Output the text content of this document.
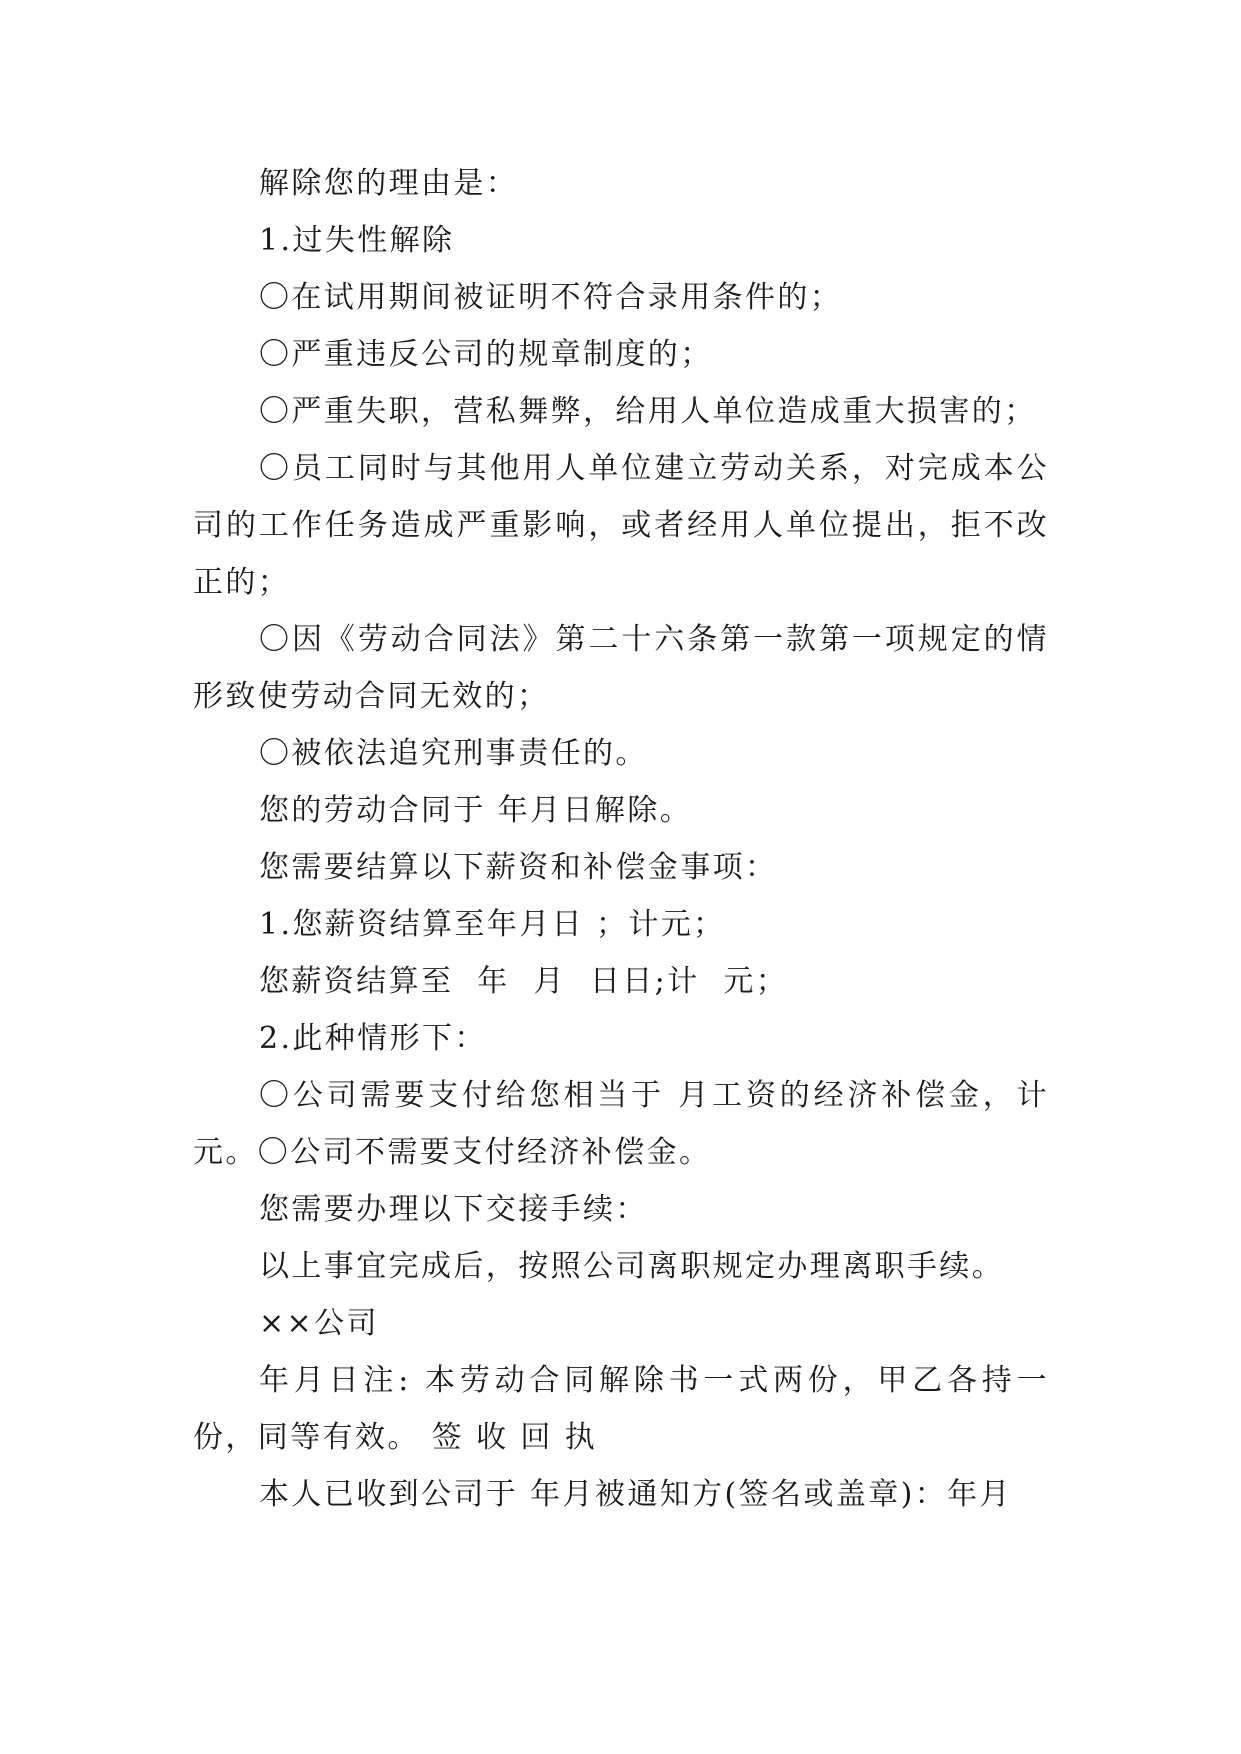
解除您的理由是：

1.过失性解除

〇在试用期间被证明不符合录用条件的；

〇严重违反公司的规章制度的；

〇严重失职，营私舞弊，给用人单位造成重大损害的；

〇员工同时与其他用人单位建立劳动关系，对完成本公司的工作任务造成严重影响，或者经用人单位提出，拒不改正的；

〇因《劳动合同法》第二十六条第一款第一项规定的情形致使劳动合同无效的；

〇被依法追究刑事责任的。

您的劳动合同于 年月日解除。

您需要结算以下薪资和补偿金事项：

1.您薪资结算至年月日 ；计元；

您薪资结算至  年  月  日日;计  元；

2.此种情形下：

〇公司需要支付给您相当于 月工资的经济补偿金，计元。〇公司不需要支付经济补偿金。

您需要办理以下交接手续：

以上事宜完成后，按照公司离职规定办理离职手续。

××公司

年月日注: 本劳动合同解除书一式两份，甲乙各持一份，同等有效。 签 收 回 执

本人已收到公司于 年月被通知方(签名或盖章)：年月
